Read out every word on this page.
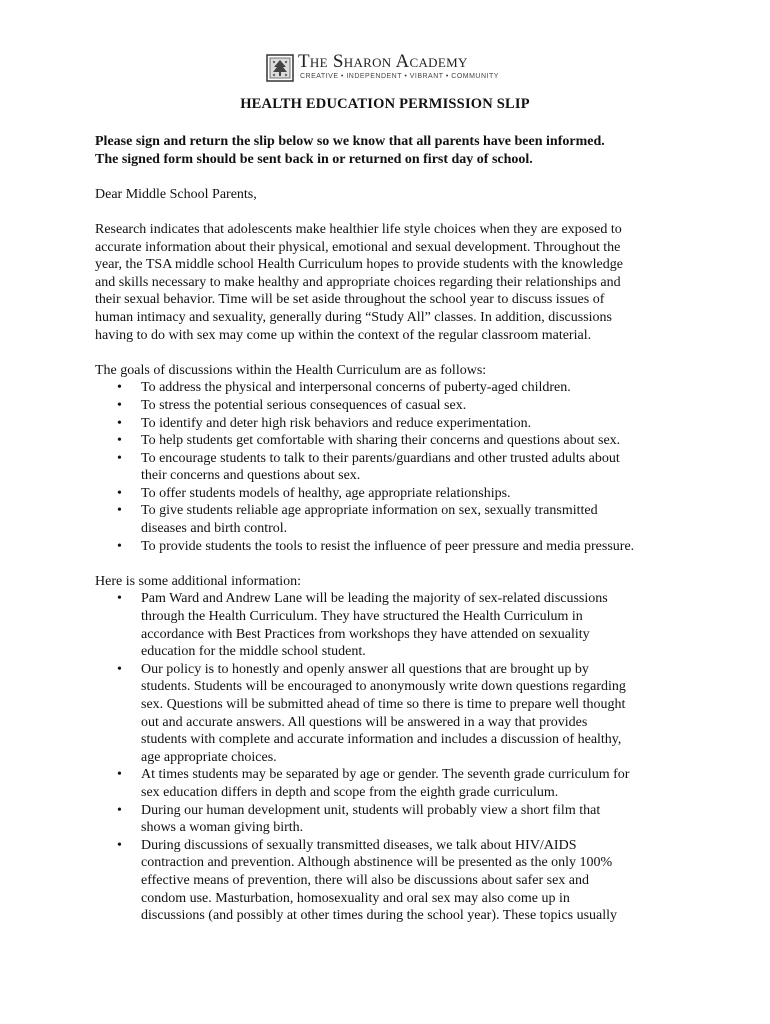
The Sharon Academy
CREATIVE • INDEPENDENT • VIBRANT • COMMUNITY
HEALTH EDUCATION PERMISSION SLIP

Please sign and return the slip below so we know that all parents have been informed.

The signed form should be sent back in or returned on first day of school.

Dear Middle School Parents,

Research indicates that adolescents make healthier life style choices when they are exposed to

accurate information about their physical, emotional and sexual development. Throughout the

year, the TSA middle school Health Curriculum hopes to provide students with the knowledge

and skills necessary to make healthy and appropriate choices regarding their relationships and

their sexual behavior. Time will be set aside throughout the school year to discuss issues of

human intimacy and sexuality, generally during “Study All” classes. In addition, discussions

having to do with sex may come up within the context of the regular classroom material.

The goals of discussions within the Health Curriculum are as follows:

• To address the physical and interpersonal concerns of puberty-aged children.
• To stress the potential serious consequences of casual sex.
• To identify and deter high risk behaviors and reduce experimentation.
• To help students get comfortable with sharing their concerns and questions about sex.
• To encourage students to talk to their parents/guardians and other trusted adults about
their concerns and questions about sex.
• To offer students models of healthy, age appropriate relationships.
• To give students reliable age appropriate information on sex, sexually transmitted
diseases and birth control.
• To provide students the tools to resist the influence of peer pressure and media pressure.

Here is some additional information:

• Pam Ward and Andrew Lane will be leading the majority of sex-related discussions
through the Health Curriculum. They have structured the Health Curriculum in
accordance with Best Practices from workshops they have attended on sexuality
education for the middle school student.
• Our policy is to honestly and openly answer all questions that are brought up by
students. Students will be encouraged to anonymously write down questions regarding
sex. Questions will be submitted ahead of time so there is time to prepare well thought
out and accurate answers. All questions will be answered in a way that provides
students with complete and accurate information and includes a discussion of healthy,
age appropriate choices.
• At times students may be separated by age or gender. The seventh grade curriculum for
sex education differs in depth and scope from the eighth grade curriculum.
• During our human development unit, students will probably view a short film that
shows a woman giving birth.
• During discussions of sexually transmitted diseases, we talk about HIV/AIDS
contraction and prevention. Although abstinence will be presented as the only 100%
effective means of prevention, there will also be discussions about safer sex and
condom use. Masturbation, homosexuality and oral sex may also come up in
discussions (and possibly at other times during the school year). These topics usually
